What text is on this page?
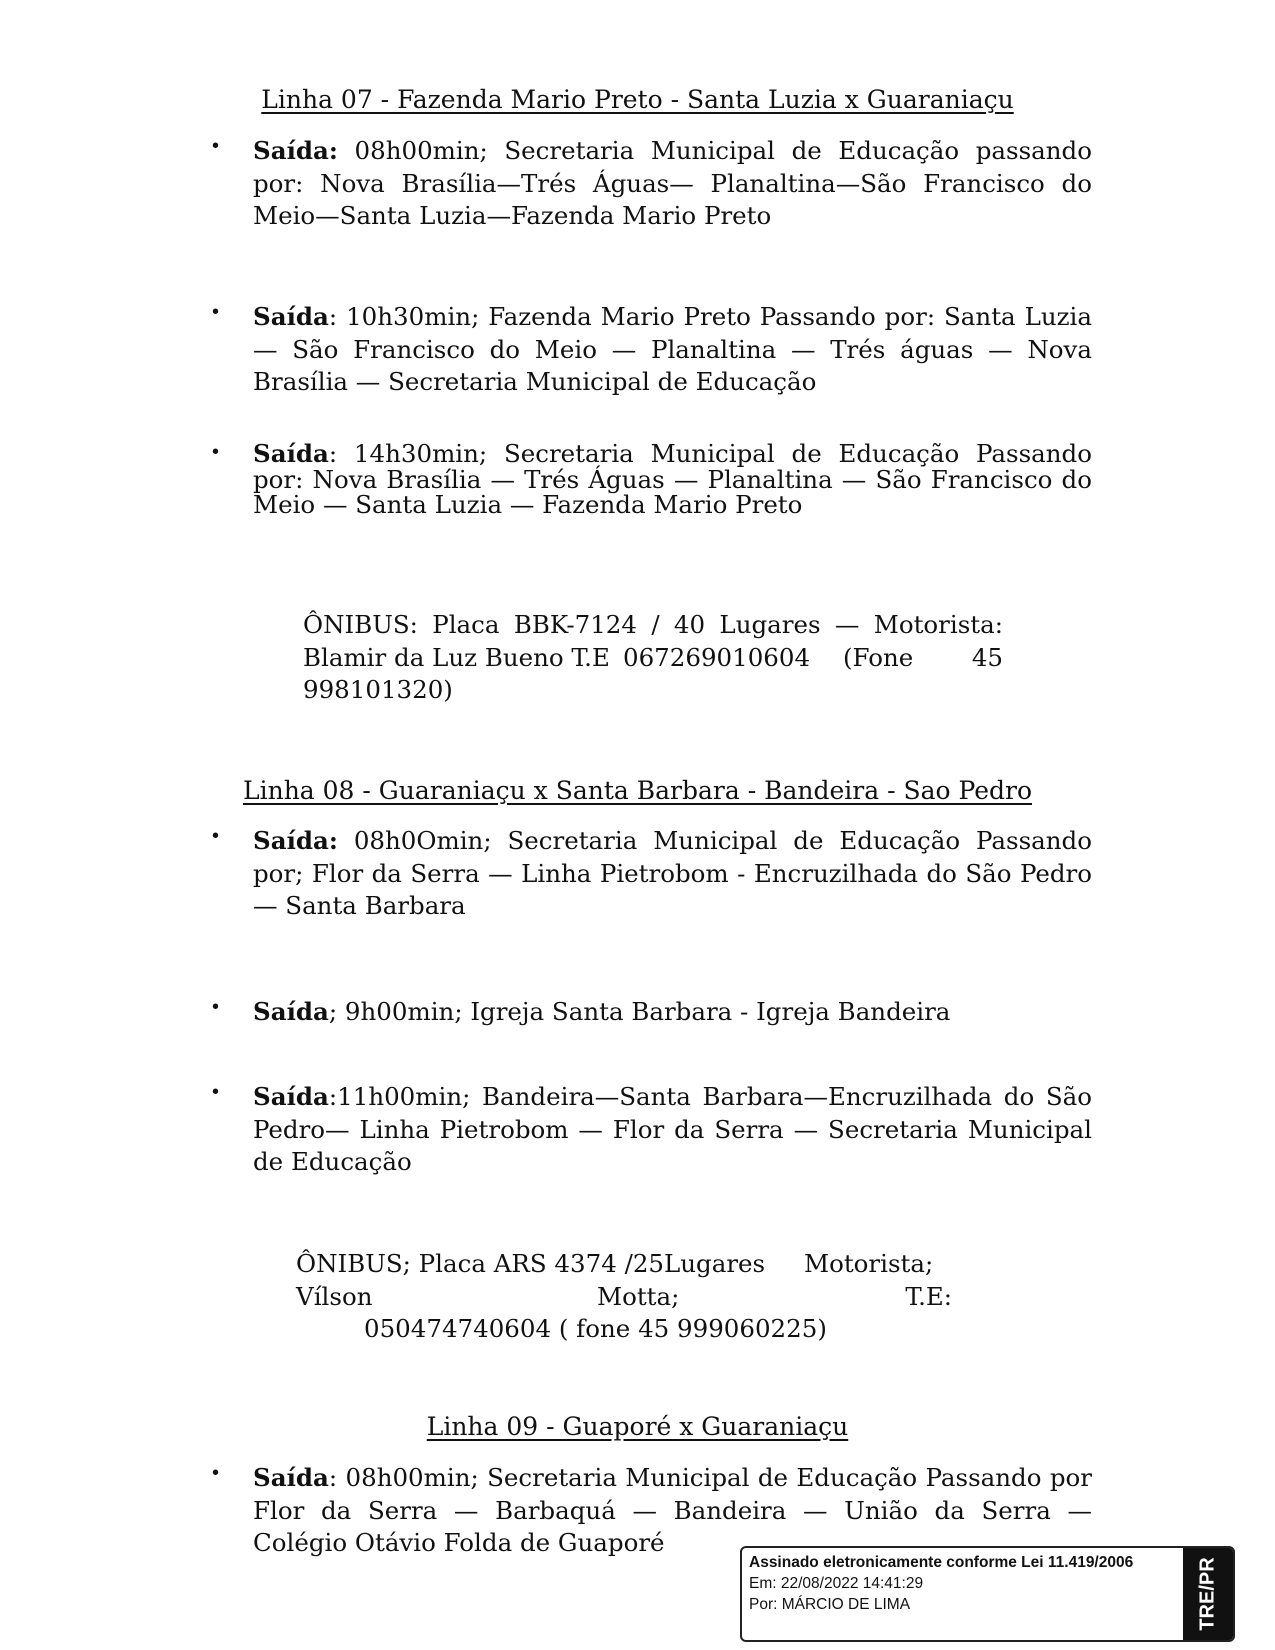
Linha 07 - Fazenda Mario Preto - Santa Luzia x Guaraniaçu
• Saída: 08h00min; Secretaria Municipal de Educação passando por: Nova Brasília—Trés Águas— Planaltina—São Francisco do Meio—Santa Luzia—Fazenda Mario Preto
• Saída: 10h30min; Fazenda Mario Preto Passando por: Santa Luzia — São Francisco do Meio — Planaltina — Trés águas — Nova Brasília — Secretaria Municipal de Educação
• Saída: 14h30min; Secretaria Municipal de Educação Passando por: Nova Brasília — Trés Águas — Planaltina — São Francisco do Meio — Santa Luzia — Fazenda Mario Preto
ÔNIBUS: Placa BBK-7124 / 40 Lugares — Motorista:
Blamir da Luz Bueno T.E 067269010604 (Fone 45
998101320)
Linha 08 - Guaraniaçu x Santa Barbara - Bandeira - Sao Pedro
• Saída: 08h0Omin; Secretaria Municipal de Educação Passando por; Flor da Serra — Linha Pietrobom - Encruzilhada do São Pedro — Santa Barbara
• Saída; 9h00min; Igreja Santa Barbara - Igreja Bandeira
• Saída:11h00min; Bandeira—Santa Barbara—Encruzilhada do São Pedro— Linha Pietrobom — Flor da Serra — Secretaria Municipal de Educação
ÔNIBUS; Placa ARS 4374 /25Lugares Motorista;
Vílson	Motta;	T.E:
050474740604 ( fone 45 999060225)
Linha 09 - Guaporé x Guaraniaçu
• Saída: 08h00min; Secretaria Municipal de Educação Passando por Flor da Serra — Barbaquá — Bandeira — União da Serra — Colégio Otávio Folda de Guaporé
Assinado eletronicamente conforme Lei 11.419/2006
Em: 22/08/2022 14:41:29
Por: MÁRCIO DE LIMA	TRE/PR
